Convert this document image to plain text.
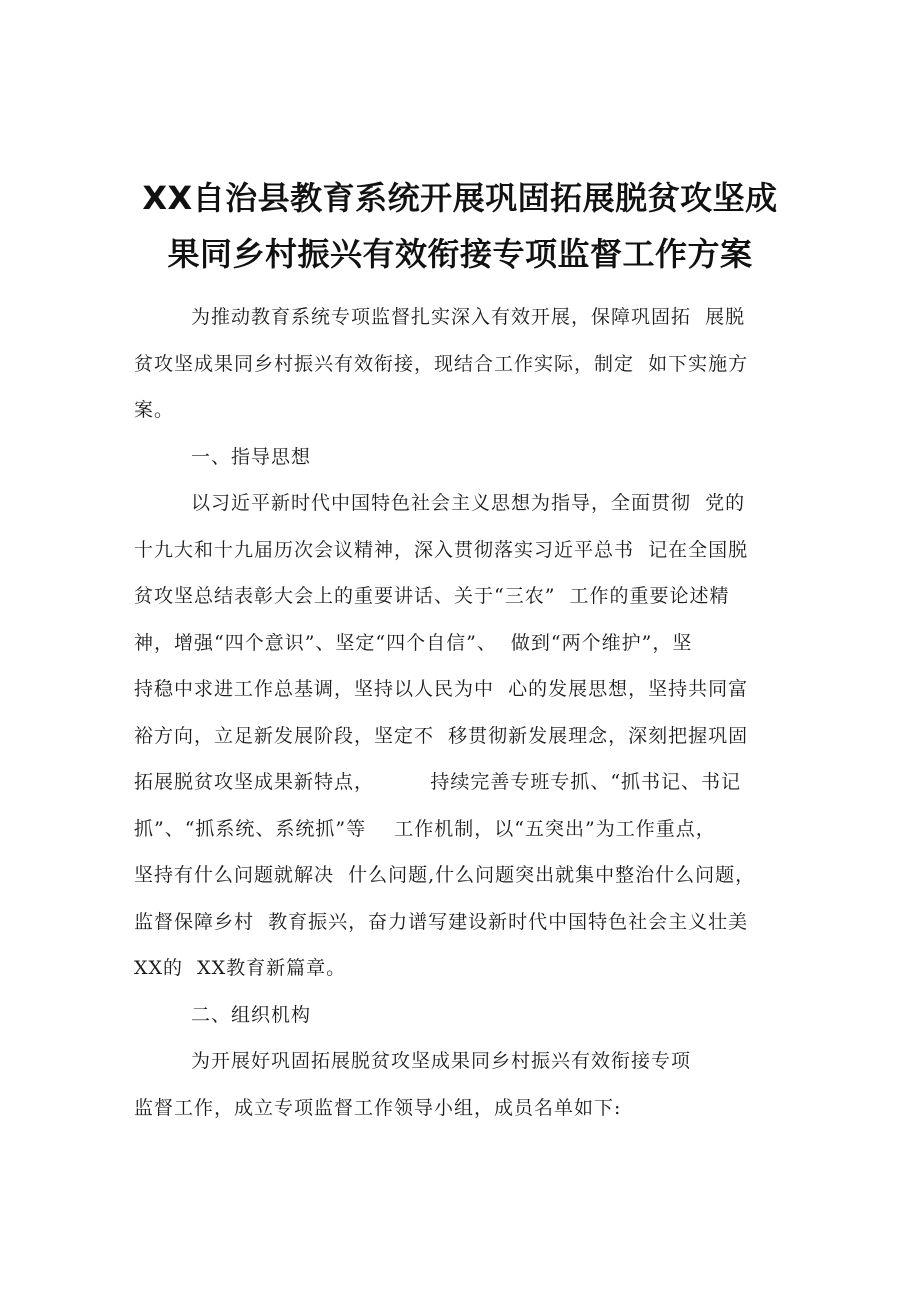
XX自治县教育系统开展巩固拓展脱贫攻坚成
果同乡村振兴有效衔接专项监督工作方案

为推动教育系统专项监督扎实深入有效开展，保障巩固拓  展脱
贫攻坚成果同乡村振兴有效衔接，现结合工作实际，制定  如下实施方
案。

一、指导思想

以习近平新时代中国特色社会主义思想为指导，全面贯彻  党的
十九大和十九届历次会议精神，深入贯彻落实习近平总书  记在全国脱
贫攻坚总结表彰大会上的重要讲话、关于“三农”  工作的重要论述精
神，增强“四个意识”、坚定“四个自信”、  做到“两个维护”，坚
持稳中求进工作总基调，坚持以人民为中  心的发展思想，坚持共同富
裕方向，立足新发展阶段，坚定不  移贯彻新发展理念，深刻把握巩固
拓展脱贫攻坚成果新特点，        持续完善专班专抓、“抓书记、书记
抓”、“抓系统、系统抓”等    工作机制，以“五突出”为工作重点，
坚持有什么问题就解决  什么问题,什么问题突出就集中整治什么问题，
监督保障乡村  教育振兴，奋力谱写建设新时代中国特色社会主义壮美
XX的  XX教育新篇章。

二、组织机构

为开展好巩固拓展脱贫攻坚成果同乡村振兴有效衔接专项
监督工作，成立专项监督工作领导小组，成员名单如下:
